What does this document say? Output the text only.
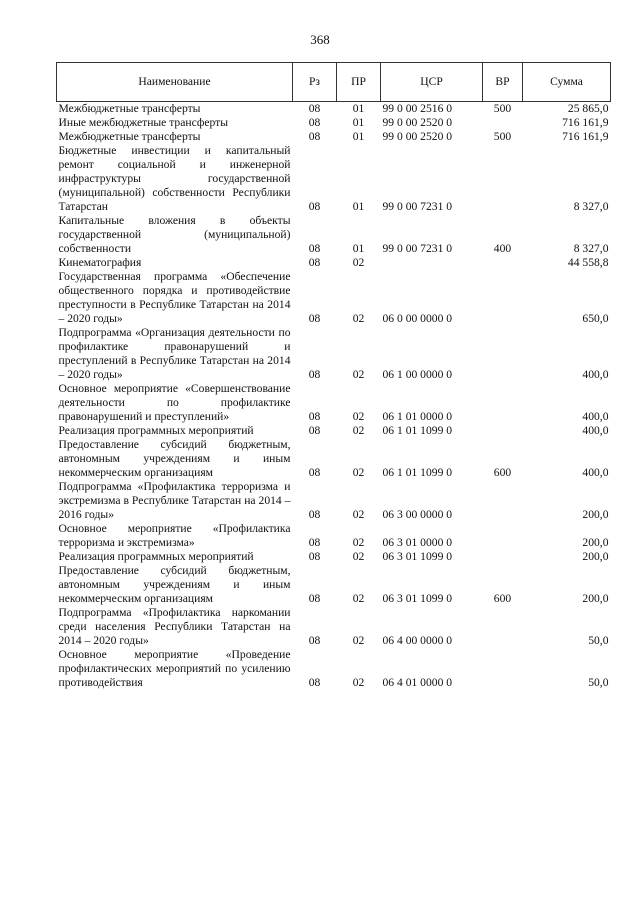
368
Наименование	Рз	ПР	ЦСР	ВР	Сумма
Межбюджетные трансферты	08	01	99 0 00 2516 0	500	25 865,0
Иные межбюджетные трансферты	08	01	99 0 00 2520 0		716 161,9
Межбюджетные трансферты	08	01	99 0 00 2520 0	500	716 161,9
Бюджетные инвестиции и капитальный ремонт социальной и инженерной инфраструктуры государственной (муниципальной) собственности Республики Татарстан	08	01	99 0 00 7231 0		8 327,0
Капитальные вложения в объекты государственной (муниципальной) собственности	08	01	99 0 00 7231 0	400	8 327,0
Кинематография	08	02			44 558,8
Государственная программа «Обеспечение общественного порядка и противодействие преступности в Республике Татарстан на 2014 – 2020 годы»	08	02	06 0 00 0000 0		650,0
Подпрограмма «Организация деятельности по профилактике правонарушений и преступлений в Республике Татарстан на 2014 – 2020 годы»	08	02	06 1 00 0000 0		400,0
Основное мероприятие «Совершенствование деятельности по профилактике правонарушений и преступлений»	08	02	06 1 01 0000 0		400,0
Реализация программных мероприятий	08	02	06 1 01 1099 0		400,0
Предоставление субсидий бюджетным, автономным учреждениям и иным некоммерческим организациям	08	02	06 1 01 1099 0	600	400,0
Подпрограмма «Профилактика терроризма и экстремизма в Республике Татарстан на 2014 – 2016 годы»	08	02	06 3 00 0000 0		200,0
Основное мероприятие «Профилактика терроризма и экстремизма»	08	02	06 3 01 0000 0		200,0
Реализация программных мероприятий	08	02	06 3 01 1099 0		200,0
Предоставление субсидий бюджетным, автономным учреждениям и иным некоммерческим организациям	08	02	06 3 01 1099 0	600	200,0
Подпрограмма «Профилактика наркомании среди населения Республики Татарстан на 2014 – 2020 годы»	08	02	06 4 00 0000 0		50,0
Основное мероприятие «Проведение профилактических мероприятий по усилению противодействия	08	02	06 4 01 0000 0		50,0
